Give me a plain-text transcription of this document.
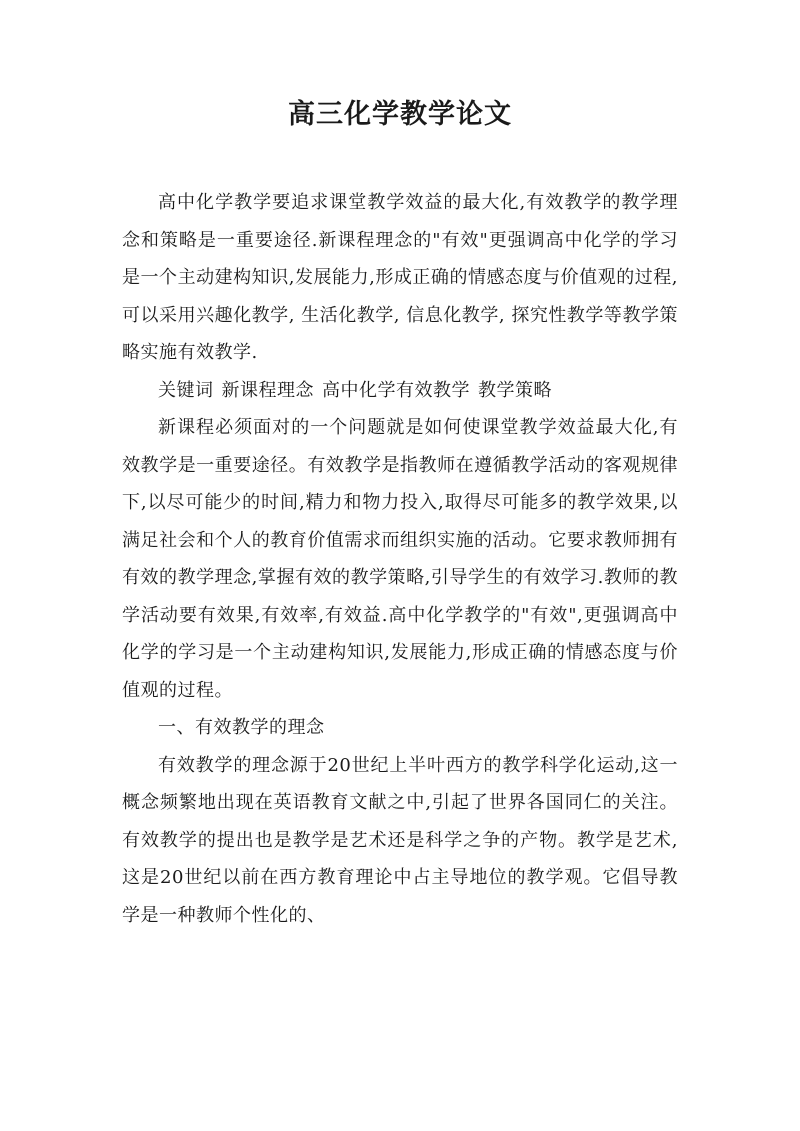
高三化学教学论文

高中化学教学要追求课堂教学效益的最大化,有效教学的教学理念和策略是一重要途径.新课程理念的"有效"更强调高中化学的学习是一个主动建构知识,发展能力,形成正确的情感态度与价值观的过程,可以采用兴趣化教学, 生活化教学, 信息化教学, 探究性教学等教学策略实施有效教学.

关键词 新课程理念 高中化学有效教学 教学策略

新课程必须面对的一个问题就是如何使课堂教学效益最大化,有效教学是一重要途径。有效教学是指教师在遵循教学活动的客观规律下,以尽可能少的时间,精力和物力投入,取得尽可能多的教学效果,以满足社会和个人的教育价值需求而组织实施的活动。它要求教师拥有有效的教学理念,掌握有效的教学策略,引导学生的有效学习.教师的教学活动要有效果,有效率,有效益.高中化学教学的"有效",更强调高中化学的学习是一个主动建构知识,发展能力,形成正确的情感态度与价值观的过程。

一、有效教学的理念

有效教学的理念源于20世纪上半叶西方的教学科学化运动,这一概念频繁地出现在英语教育文献之中,引起了世界各国同仁的关注。有效教学的提出也是教学是艺术还是科学之争的产物。教学是艺术,这是20世纪以前在西方教育理论中占主导地位的教学观。它倡导教学是一种教师个性化的、
